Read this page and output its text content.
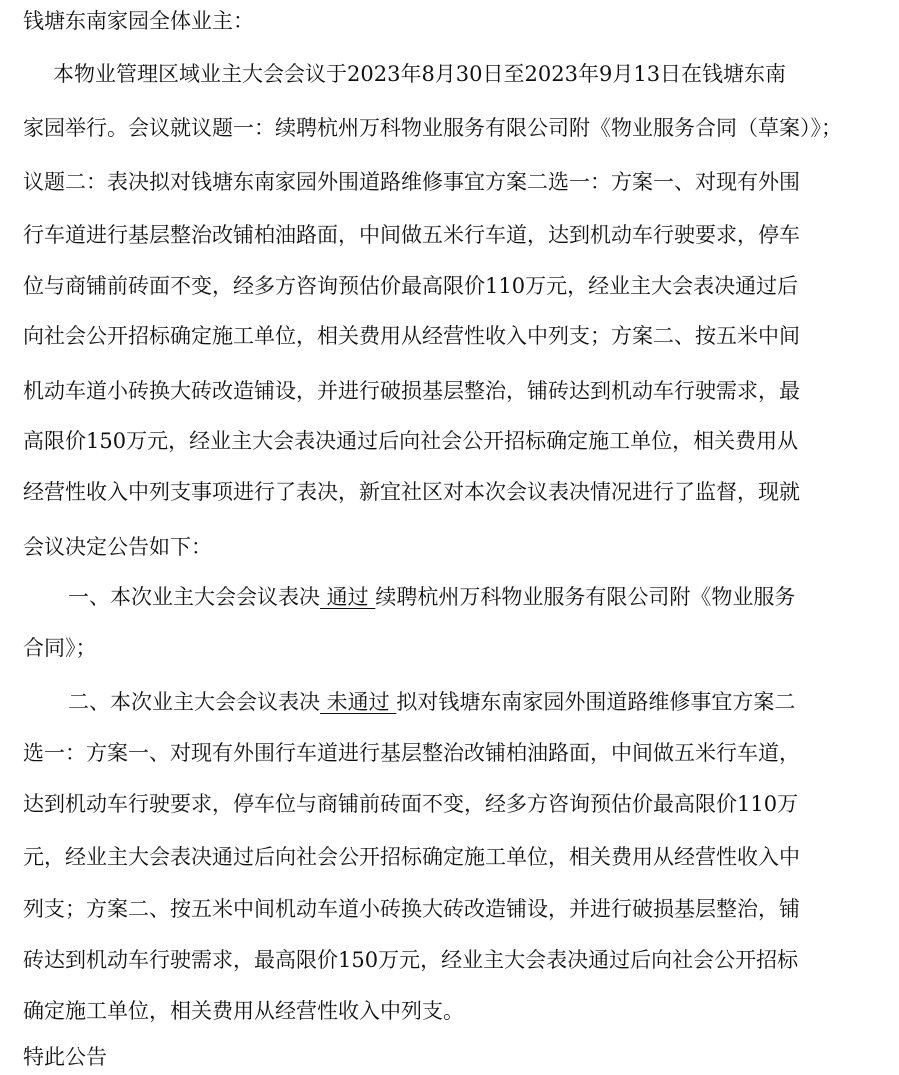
钱塘东南家园全体业主：
本物业管理区域业主大会会议于2023年8月30日至2023年9月13日在钱塘东南
家园举行。会议就议题一：续聘杭州万科物业服务有限公司附《物业服务合同（草案）》；
议题二：表决拟对钱塘东南家园外围道路维修事宜方案二选一：方案一、对现有外围
行车道进行基层整治改铺柏油路面，中间做五米行车道，达到机动车行驶要求，停车
位与商铺前砖面不变，经多方咨询预估价最高限价110万元，经业主大会表决通过后
向社会公开招标确定施工单位，相关费用从经营性收入中列支；方案二、按五米中间
机动车道小砖换大砖改造铺设，并进行破损基层整治，铺砖达到机动车行驶需求，最
高限价150万元，经业主大会表决通过后向社会公开招标确定施工单位，相关费用从
经营性收入中列支事项进行了表决，新宜社区对本次会议表决情况进行了监督，现就
会议决定公告如下：
一、本次业主大会会议表决 通过 续聘杭州万科物业服务有限公司附《物业服务
合同》；
二、本次业主大会会议表决 未通过 拟对钱塘东南家园外围道路维修事宜方案二
选一：方案一、对现有外围行车道进行基层整治改铺柏油路面，中间做五米行车道，
达到机动车行驶要求，停车位与商铺前砖面不变，经多方咨询预估价最高限价110万
元，经业主大会表决通过后向社会公开招标确定施工单位，相关费用从经营性收入中
列支；方案二、按五米中间机动车道小砖换大砖改造铺设，并进行破损基层整治，铺
砖达到机动车行驶需求，最高限价150万元，经业主大会表决通过后向社会公开招标
确定施工单位，相关费用从经营性收入中列支。
特此公告
